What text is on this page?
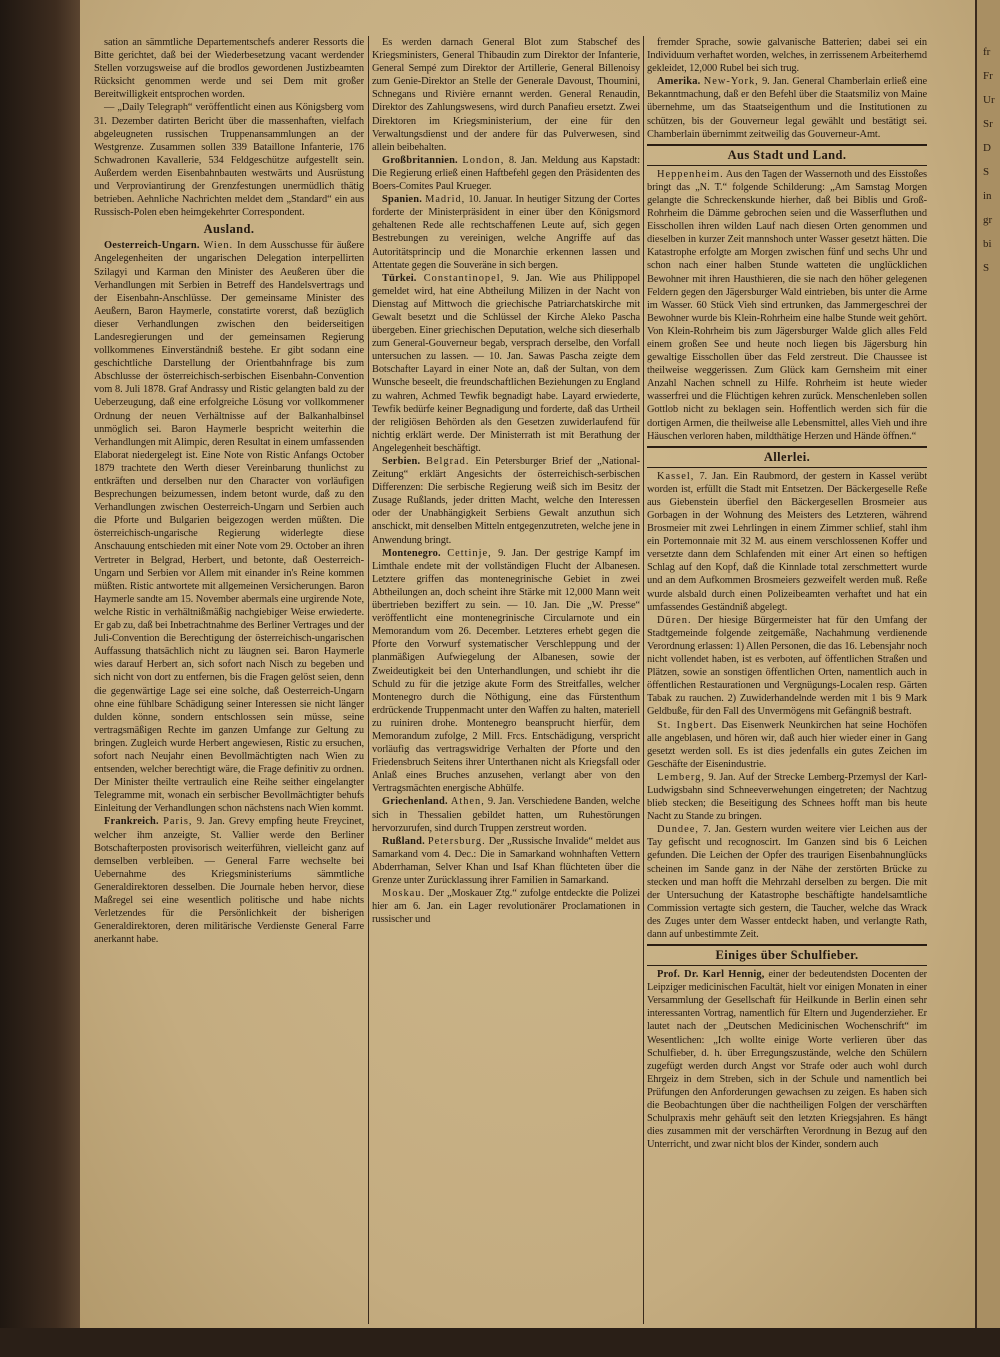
sation an sämmtliche Departementschefs anderer Ressorts die Bitte gerichtet, daß bei der Wiederbesetzung vacant werdender Stellen vorzugsweise auf die brodlos gewordenen Justizbeamten Rücksicht genommen werde und sei Dem mit großer Bereitwilligkeit entsprochen worden.

— „Daily Telegraph“ veröffentlicht einen aus Königsberg vom 31. Dezember datirten Bericht über die massenhaften, vielfach abgeleugneten russischen Truppenansammlungen an der Westgrenze. Zusammen sollen 339 Bataillone Infanterie, 176 Schwadronen Kavallerie, 534 Feldgeschütze aufgestellt sein. Außerdem werden Eisenbahnbauten westwärts und Ausrüstung und Verproviantirung der Grenzfestungen unermüdlich thätig betrieben. Aehnliche Nachrichten meldet dem „Standard“ ein aus Russisch-Polen eben heimgekehrter Correspondent.

Ausland.

Oesterreich-Ungarn. Wien. In dem Ausschusse für äußere Angelegenheiten der ungarischen Delegation interpellirten Szilagyi und Karman den Minister des Aeußeren über die Verhandlungen mit Serbien in Betreff des Handelsvertrags und der Eisenbahn-Anschlüsse. Der gemeinsame Minister des Aeußern, Baron Haymerle, constatirte vorerst, daß bezüglich dieser Verhandlungen zwischen den beiderseitigen Landesregierungen und der gemeinsamen Regierung vollkommenes Einverständniß bestehe. Er gibt sodann eine geschichtliche Darstellung der Orientbahnfrage bis zum Abschlusse der österreichisch-serbischen Eisenbahn-Convention vom 8. Juli 1878. Graf Andrassy und Ristic gelangten bald zu der Ueberzeugung, daß eine erfolgreiche Lösung vor vollkommener Ordnung der neuen Verhältnisse auf der Balkanhalbinsel unmöglich sei. Baron Haymerle bespricht weiterhin die Verhandlungen mit Alimpic, deren Resultat in einem umfassenden Elaborat niedergelegt ist. Eine Note von Ristic Anfangs October 1879 trachtete den Werth dieser Vereinbarung thunlichst zu entkräften und derselben nur den Character von vorläufigen Besprechungen beizumessen, indem betont wurde, daß zu den Verhandlungen zwischen Oesterreich-Ungarn und Serbien auch die Pforte und Bulgarien beigezogen werden müßten. Die österreichisch-ungarische Regierung widerlegte diese Anschauung entschieden mit einer Note vom 29. October an ihren Vertreter in Belgrad, Herbert, und betonte, daß Oesterreich-Ungarn und Serbien vor Allem mit einander in's Reine kommen müßten. Ristic antwortete mit allgemeinen Versicherungen. Baron Haymerle sandte am 15. November abermals eine urgirende Note, welche Ristic in verhältnißmäßig nachgiebiger Weise erwiederte. Er gab zu, daß bei Inbetrachtnahme des Berliner Vertrages und der Juli-Convention die Berechtigung der österreichisch-ungarischen Auffassung thatsächlich nicht zu läugnen sei. Baron Haymerle wies darauf Herbert an, sich sofort nach Nisch zu begeben und sich nicht von dort zu entfernen, bis die Fragen gelöst seien, denn die gegenwärtige Lage sei eine solche, daß Oesterreich-Ungarn ohne eine fühlbare Schädigung seiner Interessen sie nicht länger dulden könne, sondern entschlossen sein müsse, seine vertragsmäßigen Rechte im ganzen Umfange zur Geltung zu bringen. Zugleich wurde Herbert angewiesen, Ristic zu ersuchen, sofort nach Neujahr einen Bevollmächtigten nach Wien zu entsenden, welcher berechtigt wäre, die Frage definitiv zu ordnen. Der Minister theilte vertraulich eine Reihe seither eingelangter Telegramme mit, wonach ein serbischer Bevollmächtigter behufs Einleitung der Verhandlungen schon nächstens nach Wien kommt.

Frankreich. Paris, 9. Jan. Grevy empfing heute Freycinet, welcher ihm anzeigte, St. Vallier werde den Berliner Botschafterposten provisorisch weiterführen, vielleicht ganz auf demselben verbleiben. — General Farre wechselte bei Uebernahme des Kriegsministeriums sämmtliche Generaldirektoren desselben. Die Journale heben hervor, diese Maßregel sei eine wesentlich politische und habe nichts Verletzendes für die Persönlichkeit der bisherigen Generaldirektoren, deren militärische Verdienste General Farre anerkannt habe.

Es werden darnach General Blot zum Stabschef des Kriegsministers, General Thibaudin zum Direktor der Infanterie, General Sempé zum Direktor der Artillerie, General Billenoisy zum Genie-Direktor an Stelle der Generale Davoust, Thoumini, Schnegans und Rivière ernannt werden. General Renaudin, Direktor des Zahlungswesens, wird durch Panafieu ersetzt. Zwei Direktoren im Kriegsministerium, der eine für den Verwaltungsdienst und der andere für das Pulverwesen, sind allein beibehalten.

Großbritannien. London, 8. Jan. Meldung aus Kapstadt: Die Regierung erließ einen Haftbefehl gegen den Präsidenten des Boers-Comites Paul Krueger.

Spanien. Madrid, 10. Januar. In heutiger Sitzung der Cortes forderte der Ministerpräsident in einer über den Königsmord gehaltenen Rede alle rechtschaffenen Leute auf, sich gegen Bestrebungen zu vereinigen, welche Angriffe auf das Autoritätsprincip und die Monarchie erkennen lassen und Attentate gegen die Souveräne in sich bergen.

Türkei. Constantinopel, 9. Jan. Wie aus Philippopel gemeldet wird, hat eine Abtheilung Milizen in der Nacht von Dienstag auf Mittwoch die griechische Patriarchatskirche mit Gewalt besetzt und die Schlüssel der Kirche Aleko Pascha übergeben. Einer griechischen Deputation, welche sich dieserhalb zum General-Gouverneur begab, versprach derselbe, den Vorfall untersuchen zu lassen. — 10. Jan. Sawas Pascha zeigte dem Botschafter Layard in einer Note an, daß der Sultan, von dem Wunsche beseelt, die freundschaftlichen Beziehungen zu England zu wahren, Achmed Tewfik begnadigt habe. Layard erwiederte, Tewfik bedürfe keiner Begnadigung und forderte, daß das Urtheil der religiösen Behörden als den Gesetzen zuwiderlaufend für nichtig erklärt werde. Der Ministerrath ist mit Berathung der Angelegenheit beschäftigt.

Serbien. Belgrad. Ein Petersburger Brief der „National-Zeitung“ erklärt Angesichts der österreichisch-serbischen Differenzen: Die serbische Regierung weiß sich im Besitz der Zusage Rußlands, jeder dritten Macht, welche den Interessen oder der Unabhängigkeit Serbiens Gewalt anzuthun sich anschickt, mit denselben Mitteln entgegenzutreten, welche jene in Anwendung bringt.

Montenegro. Cettinje, 9. Jan. Der gestrige Kampf im Limthale endete mit der vollständigen Flucht der Albanesen. Letztere griffen das montenegrinische Gebiet in zwei Abtheilungen an, doch scheint ihre Stärke mit 12,000 Mann weit übertrieben beziffert zu sein. — 10. Jan. Die „W. Presse“ veröffentlicht eine montenegrinische Circularnote und ein Memorandum vom 26. December. Letzteres erhebt gegen die Pforte den Vorwurf systematischer Verschleppung und der planmäßigen Aufwiegelung der Albanesen, sowie der Zweideutigkeit bei den Unterhandlungen, und schiebt ihr die Schuld zu für die jetzige akute Form des Streitfalles, welcher Montenegro durch die Nöthigung, eine das Fürstenthum erdrückende Truppenmacht unter den Waffen zu halten, materiell zu ruiniren drohe. Montenegro beansprucht hierfür, dem Memorandum zufolge, 2 Mill. Frcs. Entschädigung, verspricht vorläufig das vertragswidrige Verhalten der Pforte und den Friedensbruch Seitens ihrer Unterthanen nicht als Kriegsfall oder Anlaß eines Bruches anzusehen, verlangt aber von den Vertragsmächten energische Abhülfe.

Griechenland. Athen, 9. Jan. Verschiedene Banden, welche sich in Thessalien gebildet hatten, um Ruhestörungen hervorzurufen, sind durch Truppen zerstreut worden.

Rußland. Petersburg. Der „Russische Invalide“ meldet aus Samarkand vom 4. Dec.: Die in Samarkand wohnhaften Vettern Abderrhaman, Selver Khan und Isaf Khan flüchteten über die Grenze unter Zurücklassung ihrer Familien in Samarkand.

Moskau. Der „Moskauer Ztg.“ zufolge entdeckte die Polizei hier am 6. Jan. ein Lager revolutionärer Proclamationen in russischer und

fremder Sprache, sowie galvanische Batterien; dabei sei ein Individuum verhaftet worden, welches, in zerrissenem Arbeiterhemd gekleidet, 12,000 Rubel bei sich trug.

Amerika. New-York, 9. Jan. General Chamberlain erließ eine Bekanntmachung, daß er den Befehl über die Staatsmiliz von Maine übernehme, um das Staatseigenthum und die Institutionen zu schützen, bis der Gouverneur legal gewählt und bestätigt sei. Chamberlain übernimmt zeitweilig das Gouverneur-Amt.

Aus Stadt und Land.

Heppenheim. Aus den Tagen der Wassernoth und des Eisstoßes bringt das „N. T.“ folgende Schilderung: „Am Samstag Morgen gelangte die Schreckenskunde hierher, daß bei Biblis und Groß-Rohrheim die Dämme gebrochen seien und die Wasserfluthen und Eisschollen ihren wilden Lauf nach diesen Orten genommen und dieselben in kurzer Zeit mannshoch unter Wasser gesetzt hätten. Die Katastrophe erfolgte am Morgen zwischen fünf und sechs Uhr und schon nach einer halben Stunde watteten die unglücklichen Bewohner mit ihren Hausthieren, die sie nach den höher gelegenen Feldern gegen den Jägersburger Wald eintrieben, bis unter die Arme im Wasser. 60 Stück Vieh sind ertrunken, das Jammergeschrei der Bewohner wurde bis Klein-Rohrheim eine halbe Stunde weit gehört. Von Klein-Rohrheim bis zum Jägersburger Walde glich alles Feld einem großen See und heute noch liegen bis Jägersburg hin gewaltige Eisschollen über das Feld zerstreut. Die Chaussee ist theilweise weggerissen. Zum Glück kam Gernsheim mit einer Anzahl Nachen schnell zu Hilfe. Rohrheim ist heute wieder wasserfrei und die Flüchtigen kehren zurück. Menschenleben sollen Gottlob nicht zu beklagen sein. Hoffentlich werden sich für die dortigen Armen, die theilweise alle Lebensmittel, alles Vieh und ihre Häuschen verloren haben, mildthätige Herzen und Hände öffnen.“

Allerlei.

Kassel, 7. Jan. Ein Raubmord, der gestern in Kassel verübt worden ist, erfüllt die Stadt mit Entsetzen. Der Bäckergeselle Reße aus Giebenstein überfiel den Bäckergesellen Brosmeier aus Gorbagen in der Wohnung des Meisters des Letzteren, während Brosmeier mit zwei Lehrlingen in einem Zimmer schlief, stahl ihm ein Portemonnaie mit 32 M. aus einem verschlossenen Koffer und versetzte dann dem Schlafenden mit einer Art einen so heftigen Schlag auf den Kopf, daß die Kinnlade total zerschmettert wurde und an dem Aufkommen Brosmeiers gezweifelt werden muß. Reße wurde alsbald durch einen Polizeibeamten verhaftet und hat ein umfassendes Geständniß abgelegt.

Düren. Der hiesige Bürgermeister hat für den Umfang der Stadtgemeinde folgende zeitgemäße, Nachahmung verdienende Verordnung erlassen: 1) Allen Personen, die das 16. Lebensjahr noch nicht vollendet haben, ist es verboten, auf öffentlichen Straßen und Plätzen, sowie an sonstigen öffentlichen Orten, namentlich auch in öffentlichen Restaurationen und Vergnügungs-Localen resp. Gärten Tabak zu rauchen. 2) Zuwiderhandelnde werden mit 1 bis 9 Mark Geldbuße, für den Fall des Unvermögens mit Gefängniß bestraft.

St. Ingbert. Das Eisenwerk Neunkirchen hat seine Hochöfen alle angeblasen, und hören wir, daß auch hier wieder einer in Gang gesetzt werden soll. Es ist dies jedenfalls ein gutes Zeichen im Geschäfte der Eisenindustrie.

Lemberg, 9. Jan. Auf der Strecke Lemberg-Przemysl der Karl-Ludwigsbahn sind Schneeverwehungen eingetreten; der Nachtzug blieb stecken; die Beseitigung des Schnees hofft man bis heute Nacht zu Stande zu bringen.

Dundee, 7. Jan. Gestern wurden weitere vier Leichen aus der Tay gefischt und recognoscirt. Im Ganzen sind bis 6 Leichen gefunden. Die Leichen der Opfer des traurigen Eisenbahnunglücks scheinen im Sande ganz in der Nähe der zerstörten Brücke zu stecken und man hofft die Mehrzahl derselben zu bergen. Die mit der Untersuchung der Katastrophe beschäftigte handelsamtliche Commission vertagte sich gestern, die Taucher, welche das Wrack des Zuges unter dem Wasser entdeckt haben, und verlangte Rath, dann auf unbestimmte Zeit.

Einiges über Schulfieber.

Prof. Dr. Karl Hennig, einer der bedeutendsten Docenten der Leipziger medicinischen Facultät, hielt vor einigen Monaten in einer Versammlung der Gesellschaft für Heilkunde in Berlin einen sehr interessanten Vortrag, namentlich für Eltern und Jugenderzieher. Er lautet nach der „Deutschen Medicinischen Wochenschrift“ im Wesentlichen: „Ich wollte einige Worte verlieren über das Schulfieber, d. h. über Erregungszustände, welche den Schülern zugefügt werden durch Angst vor Strafe oder auch wohl durch Ehrgeiz in dem Streben, sich in der Schule und namentlich bei Prüfungen den Anforderungen gewachsen zu zeigen. Es haben sich die Beobachtungen über die nachtheiligen Folgen der verschärften Schulpraxis mehr gehäuft seit den letzten Kriegsjahren. Es hängt dies zusammen mit der verschärften Verordnung in Bezug auf den Unterricht, und zwar nicht blos der Kinder, sondern auch

fr
Fr
Ur
Sr
D
S
in
gr
bi
S
